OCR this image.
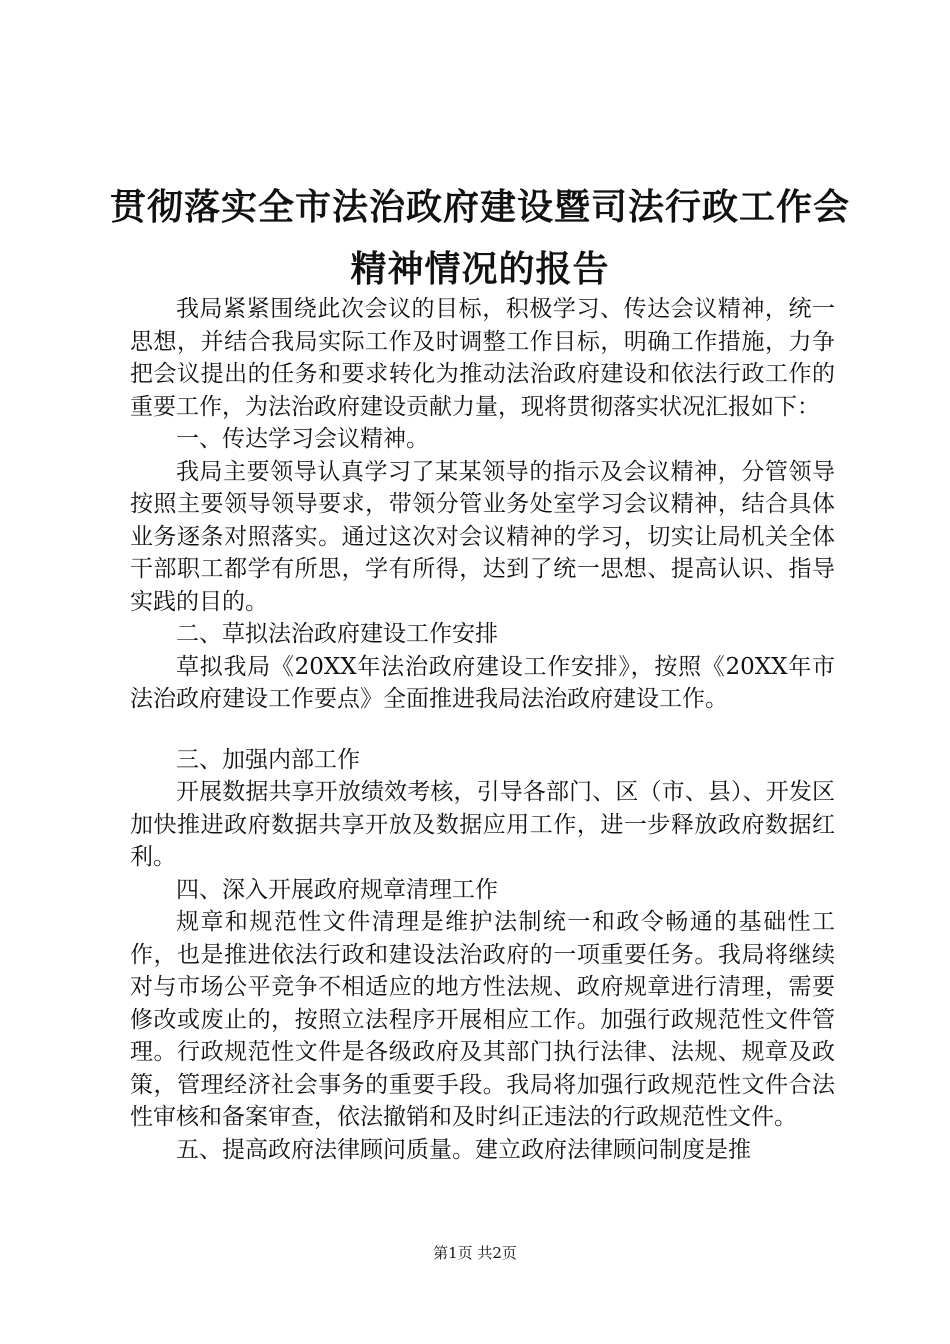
贯彻落实全市法治政府建设暨司法行政工作会
精神情况的报告

我局紧紧围绕此次会议的目标，积极学习、传达会议精神，统一思想，并结合我局实际工作及时调整工作目标，明确工作措施，力争把会议提出的任务和要求转化为推动法治政府建设和依法行政工作的重要工作，为法治政府建设贡献力量，现将贯彻落实状况汇报如下：

一、传达学习会议精神。

我局主要领导认真学习了某某领导的指示及会议精神，分管领导按照主要领导领导要求，带领分管业务处室学习会议精神，结合具体业务逐条对照落实。通过这次对会议精神的学习，切实让局机关全体干部职工都学有所思，学有所得，达到了统一思想、提高认识、指导实践的目的。

二、草拟法治政府建设工作安排

草拟我局《20XX年法治政府建设工作安排》，按照《20XX年市法治政府建设工作要点》全面推进我局法治政府建设工作。

三、加强内部工作

开展数据共享开放绩效考核，引导各部门、区（市、县）、开发区加快推进政府数据共享开放及数据应用工作，进一步释放政府数据红利。

四、深入开展政府规章清理工作

规章和规范性文件清理是维护法制统一和政令畅通的基础性工作，也是推进依法行政和建设法治政府的一项重要任务。我局将继续对与市场公平竞争不相适应的地方性法规、政府规章进行清理，需要修改或废止的，按照立法程序开展相应工作。加强行政规范性文件管理。行政规范性文件是各级政府及其部门执行法律、法规、规章及政策，管理经济社会事务的重要手段。我局将加强行政规范性文件合法性审核和备案审查，依法撤销和及时纠正违法的行政规范性文件。

五、提高政府法律顾问质量。建立政府法律顾问制度是推

第1页 共2页
